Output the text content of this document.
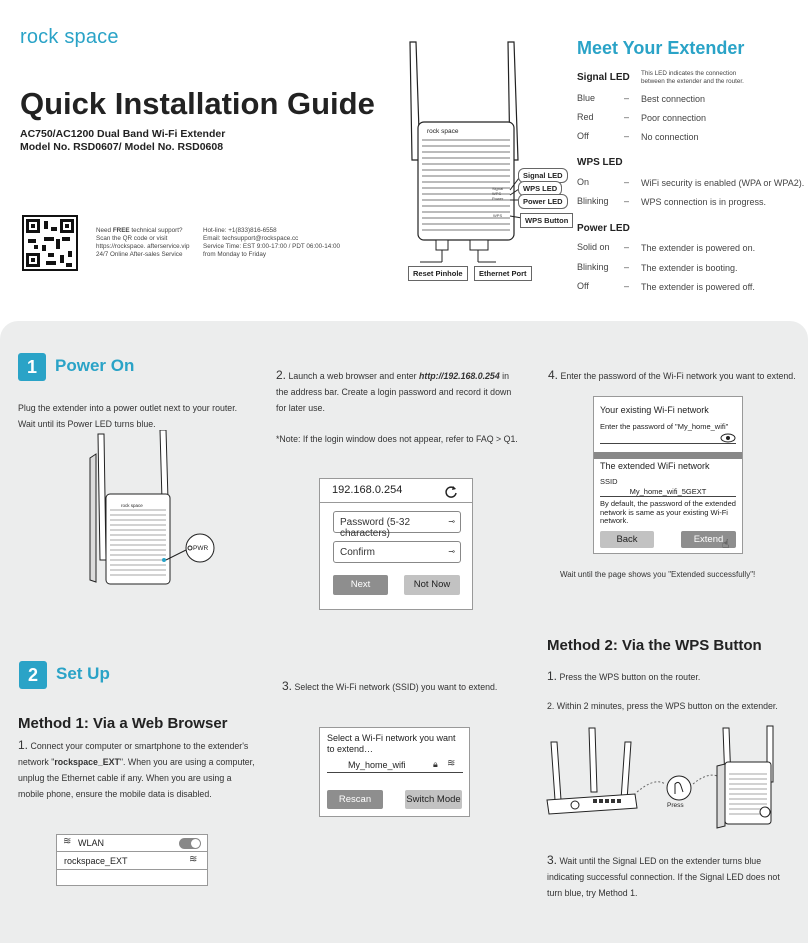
rock space
Quick Installation Guide
AC750/AC1200 Dual Band Wi-Fi Extender
Model No. RSD0607/ Model No. RSD0608
Need FREE technical support?
Scan the QR code or visit
https://rockspace. afterservice.vip
24/7 Online After-sales Service
Hot-line: +1(833)816-6558
Email: techsupport@rockspace.cc
Service Time: EST 9:00-17:00 / PDT 06:00-14:00
from Monday to Friday
rock space
Signal
WPS
Power
WPS
Signal LED
WPS LED
Power LED
WPS Button
Reset Pinhole	Ethernet Port
Meet Your Extender
Signal LED This LED indicates the connection
between the extender and the router.
Blue	– Best connection
Red	– Poor connection
Off	– No connection
WPS LED
On	– WiFi security is enabled (WPA or WPA2).
Blinking – WPS connection is in progress.
Power LED
Solid on – The extender is powered on.
Blinking – The extender is booting.
Off	– The extender is powered off.
1	Power On
Plug the extender into a power outlet next to your router.
Wait until its Power LED turns blue.
rock space
PWR
2. Launch a web browser and enter http://192.168.0.254 in
the address bar. Create a login password and record it down
for later use.
*Note: If the login window does not appear, refer to FAQ > Q1.
192.168.0.254
Password (5-32 characters)
⊸
Confirm	⊸
Next	Not Now
4. Enter the password of the Wi-Fi network you want to extend.
Your existing Wi-Fi network
Enter the password of "My_home_wifi"
The extended WiFi network
SSID
My_home_wifi_5GEXT
By default, the password of the extended network is same as your existing Wi-Fi network.
Back	Extend
☝
Wait until the page shows you "Extended successfully"!
2	Set Up
Method 1: Via a Web Browser
1. Connect your computer or smartphone to the extender's
network "rockspace_EXT". When you are using a computer,
unplug the Ethernet cable if any. When you are using a
mobile phone, ensure the mobile data is disabled.
≋ WLAN
rockspace_EXT	≋
3. Select the Wi-Fi network (SSID) you want to extend.
Select a Wi-Fi network you want to extend…
My_home_wifi	🔒︎ ≋
Rescan	Switch Mode
Method 2: Via the WPS Button
1. Press the WPS button on the router.
2. Within 2 minutes, press the WPS button on the extender.
Press
3. Wait until the Signal LED on the extender turns blue
indicating successful connection. If the Signal LED does not
turn blue, try Method 1.
